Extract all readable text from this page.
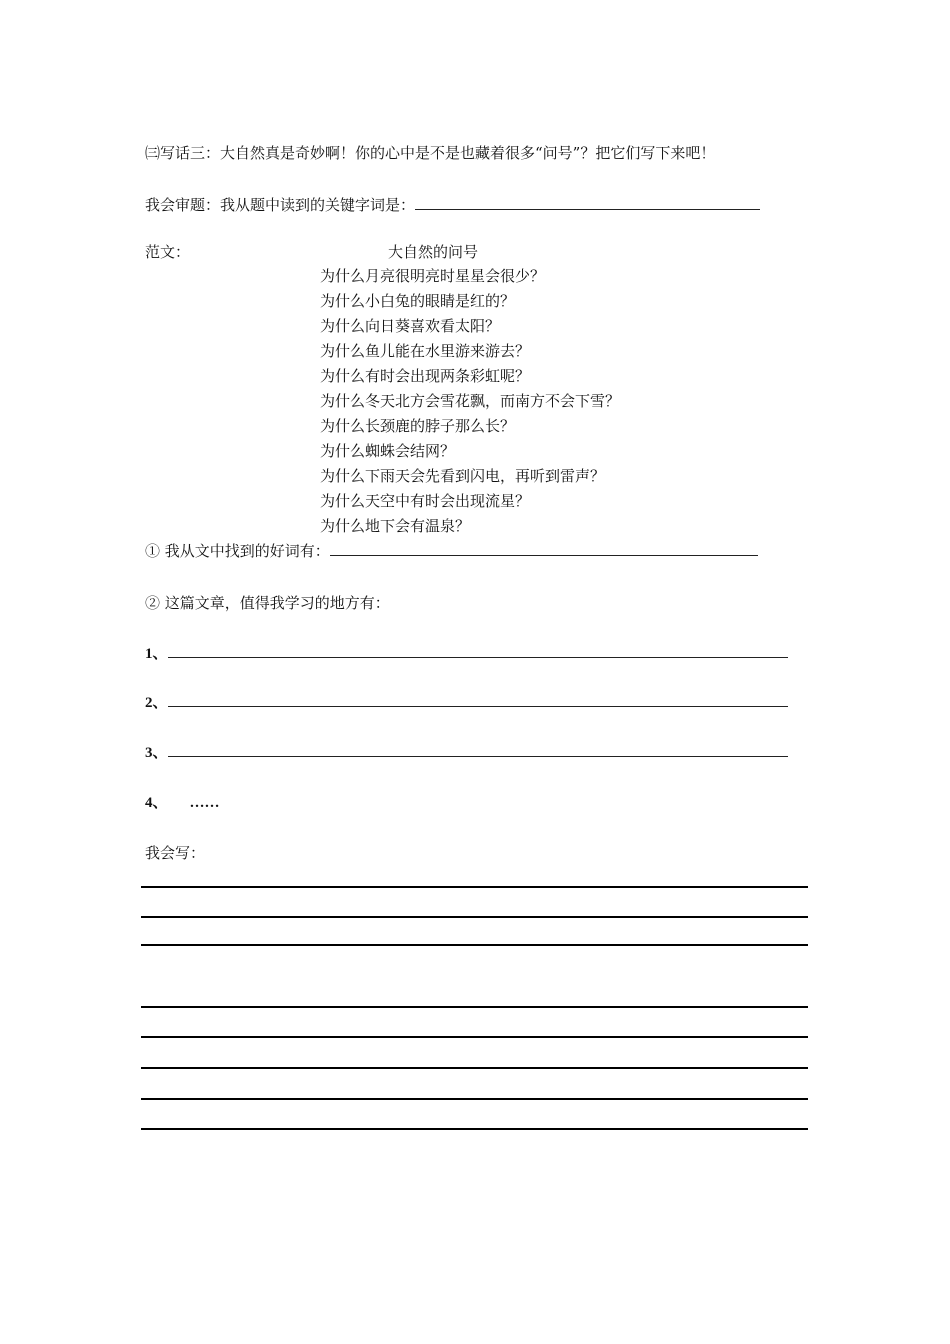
㈢写话三：大自然真是奇妙啊！你的心中是不是也藏着很多“问号”？把它们写下来吧！
我会审题：我从题中读到的关键字词是：
范文：	大自然的问号
为什么月亮很明亮时星星会很少？
为什么小白兔的眼睛是红的？
为什么向日葵喜欢看太阳？
为什么鱼儿能在水里游来游去？
为什么有时会出现两条彩虹呢？
为什么冬天北方会雪花飘，而南方不会下雪？
为什么长颈鹿的脖子那么长？
为什么蜘蛛会结网？
为什么下雨天会先看到闪电，再听到雷声？
为什么天空中有时会出现流星？
为什么地下会有温泉？
① 我从文中找到的好词有：
② 这篇文章，值得我学习的地方有：
1、
2、
3、
4、 ……
我会写：
